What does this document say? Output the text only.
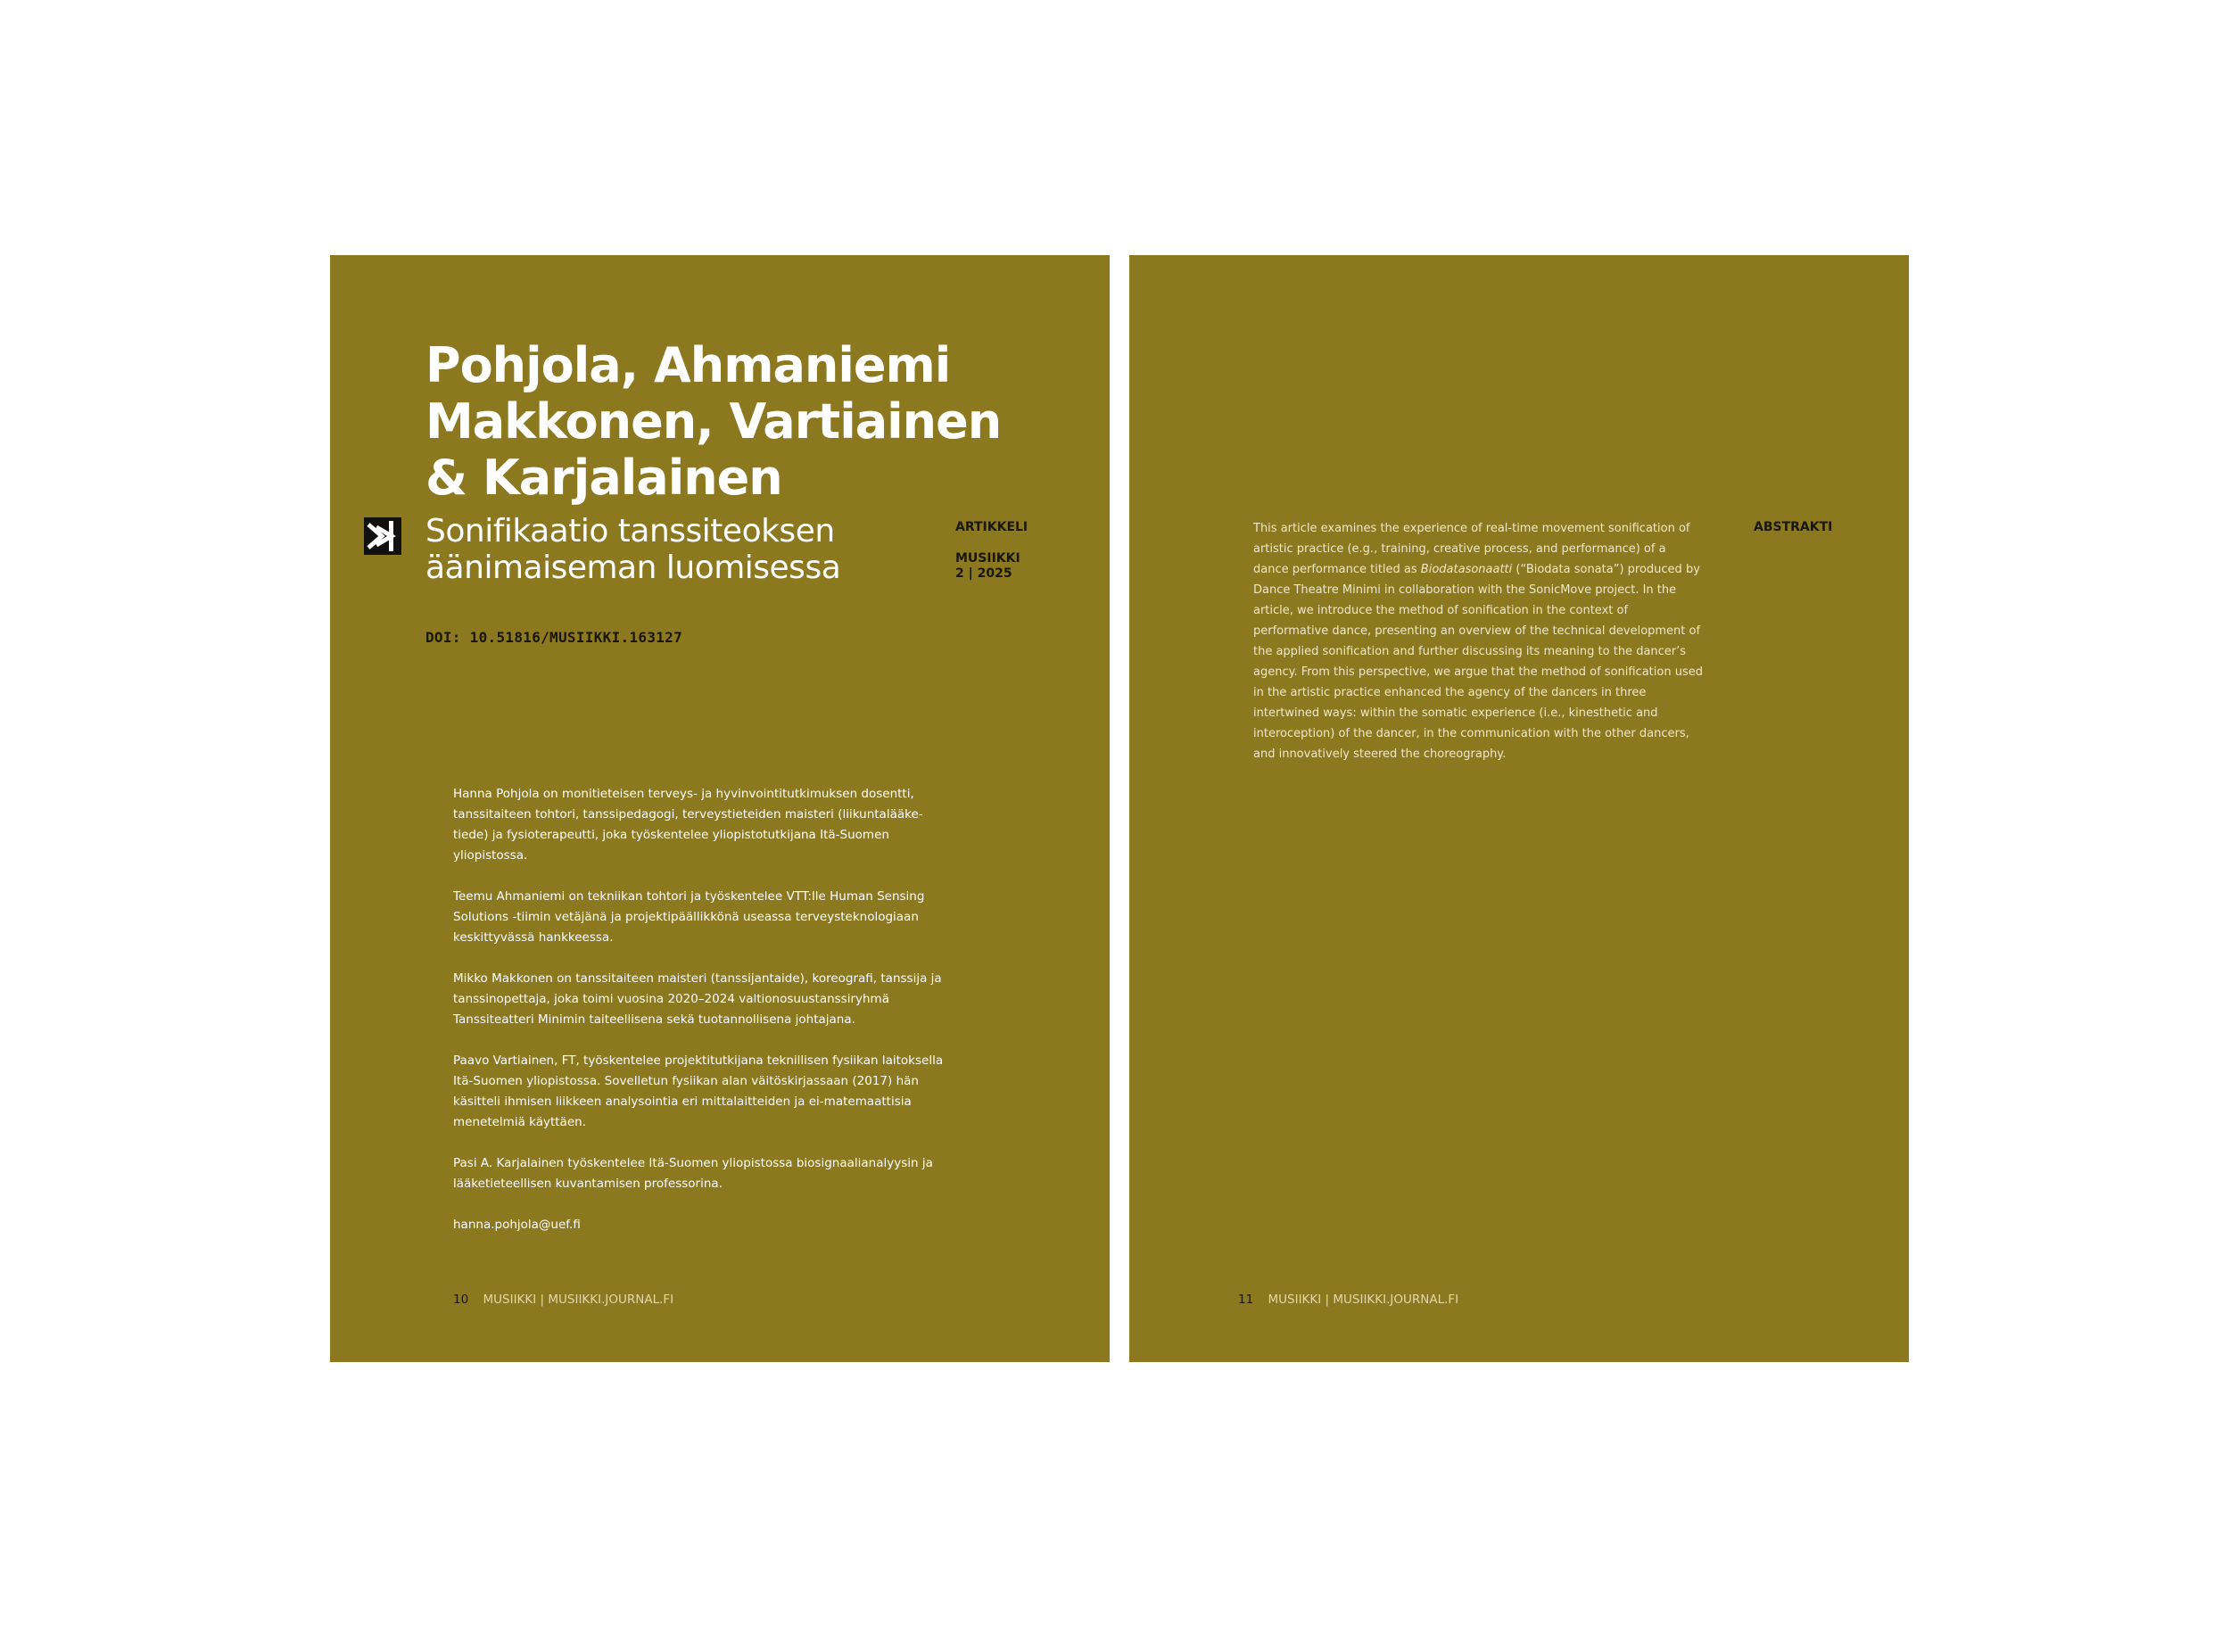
Pohjola, Ahmaniemi
Makkonen, Vartiainen
& Karjalainen
Sonifikaatio tanssiteoksen
äänimaiseman luomisessa
ARTIKKELI
MUSIIKKI
2 | 2025
DOI: 10.51816/MUSIIKKI.163127

Hanna Pohjola on monitieteisen terveys- ja hyvinvointitutkimuksen dosentti, tanssitaiteen tohtori, tanssipedagogi, terveystieteiden maisteri (liikuntalääke- tiede) ja fysioterapeutti, joka työskentelee yliopistotutkijana Itä-Suomen yliopistossa.

Teemu Ahmaniemi on tekniikan tohtori ja työskentelee VTT:lle Human Sensing Solutions -tiimin vetäjänä ja projektipäällikkönä useassa terveysteknologiaan keskittyvässä hankkeessa.

Mikko Makkonen on tanssitaiteen maisteri (tanssijantaide), koreografi, tanssija ja tanssinopettaja, joka toimi vuosina 2020–2024 valtionosuustanssiryhmä Tanssiteatteri Minimin taiteellisena sekä tuotannollisena johtajana.

Paavo Vartiainen, FT, työskentelee projektitutkijana teknillisen fysiikan laitoksella Itä-Suomen yliopistossa. Sovelletun fysiikan alan väitöskirjassaan (2017) hän käsitteli ihmisen liikkeen analysointia eri mittalaitteiden ja ei-matemaattisia menetelmiä käyttäen.

Pasi A. Karjalainen työskentelee Itä-Suomen yliopistossa biosignaalianalyysin ja lääketieteellisen kuvantamisen professorina.

hanna.pohjola@uef.fi

10 MUSIIKKI | MUSIIKKI.JOURNAL.FI

This article examines the experience of real-time movement sonification of artistic practice (e.g., training, creative process, and performance) of a dance performance titled as Biodatasonaatti (“Biodata sonata”) produced by Dance Theatre Minimi in collaboration with the SonicMove project. In the article, we introduce the method of sonification in the context of performative dance, presenting an overview of the technical development of the applied sonification and further discussing its meaning to the dancer’s agency. From this perspective, we argue that the method of sonification used in the artistic practice enhanced the agency of the dancers in three intertwined ways: within the somatic experience (i.e., kinesthetic and interoception) of the dancer, in the communication with the other dancers, and innovatively steered the choreography.

ABSTRAKTI
11 MUSIIKKI | MUSIIKKI.JOURNAL.FI
